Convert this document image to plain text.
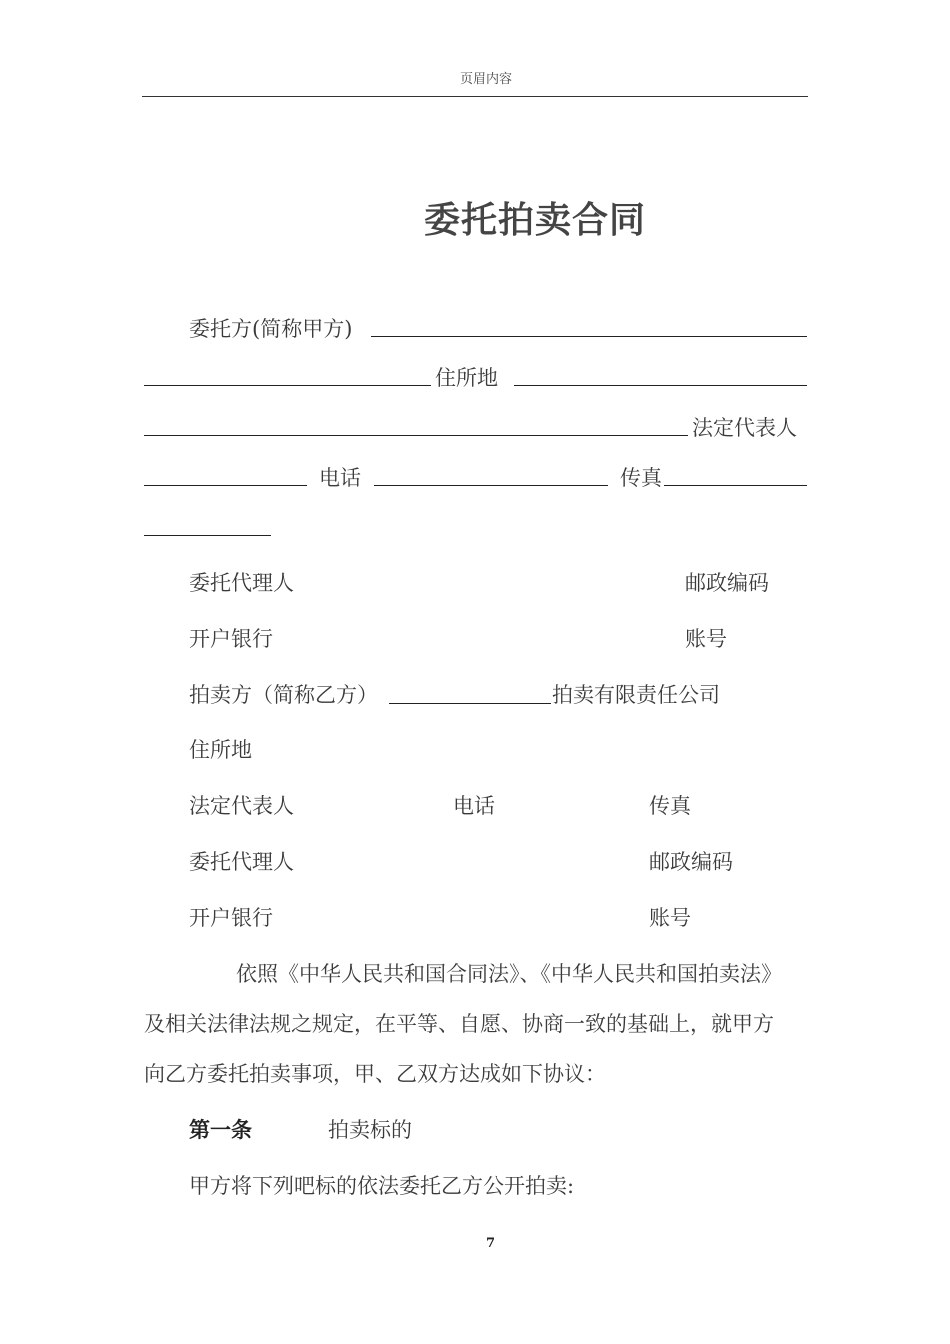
页眉内容
委托拍卖合同
委托方(简称甲方)
住所地
法定代表人
电话	传真
委托代理人	邮政编码
开户银行	账号
拍卖方（简称乙方）	拍卖有限责任公司
住所地
法定代表人	电话	传真
委托代理人	邮政编码
开户银行	账号
依照《中华人民共和国合同法》、《中华人民共和国拍卖法》
及相关法律法规之规定，在平等、自愿、协商一致的基础上，就甲方
向乙方委托拍卖事项，甲、乙双方达成如下协议：
第一条	拍卖标的
甲方将下列吧标的依法委托乙方公开拍卖:
7
